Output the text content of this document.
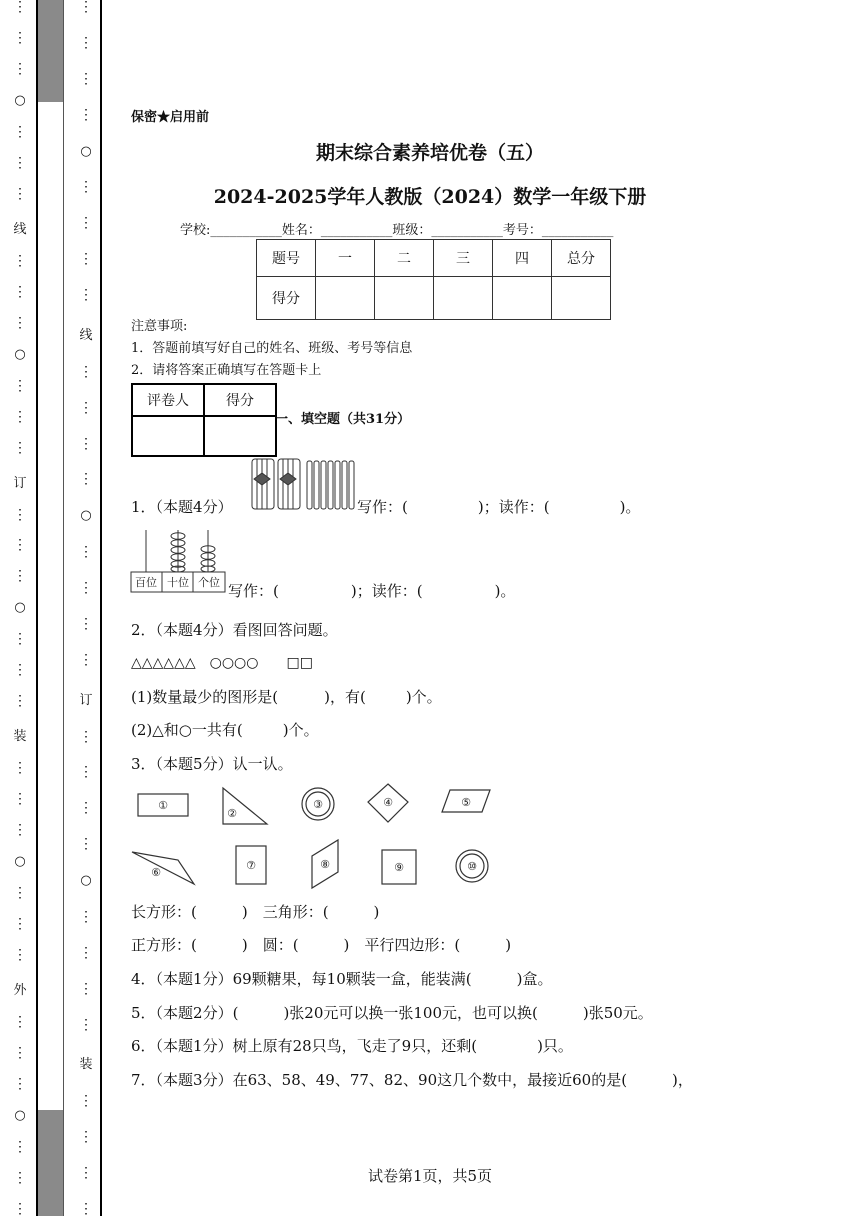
⋮
⋮
⋮
○
⋮
⋮
⋮
线
⋮
⋮
⋮
○
⋮
⋮
⋮
订
⋮
⋮
⋮
○
⋮
⋮
⋮
装
⋮
⋮
⋮
○
⋮
⋮
⋮
外
⋮
⋮
⋮
○
⋮
⋮
⋮
⋮
⋮
⋮
⋮
○
⋮
⋮
⋮
⋮
线
⋮
⋮
⋮
⋮
○
⋮
⋮
⋮
⋮
订
⋮
⋮
⋮
⋮
○
⋮
⋮
⋮
⋮
装
⋮
⋮
⋮
⋮
保密★启用前
期末综合素养培优卷（五）
2024-2025学年人教版（2024）数学一年级下册
学校:___________姓名：___________班级：___________考号：___________
题号	一	二	三	四	总分
得分					
注意事项:
1．答题前填写好自己的姓名、班级、考号等信息
2．请将答案正确填写在答题卡上
评卷人	得分

一、填空题（共31分）
1．（本题4分）	写作：(	)；读作：(	)。
百位 十位 个位 写作：(	)；读作：(	)。
2．（本题4分）看图回答问题。
△△△△△△　○○○○　　□□
(1)数量最少的图形是(	)，有(	)个。
(2)△和○一共有(	)个。
3．（本题5分）认一认。
①
②
③	④	⑤
⑥
⑦	⑧	⑨	⑩
长方形：(　　　)　三角形：(　　　)
正方形：(　　　)　圆：(　　　)　平行四边形：(　　　)
4．（本题1分）69颗糖果，每10颗装一盒，能装满(　　　)盒。
5．（本题2分）(　　　)张20元可以换一张100元，也可以换(　　　)张50元。
6．（本题1分）树上原有28只鸟，飞走了9只，还剩(　　　　)只。
7．（本题3分）在63、58、49、77、82、90这几个数中，最接近60的是(　　　)，
试卷第1页，共5页
